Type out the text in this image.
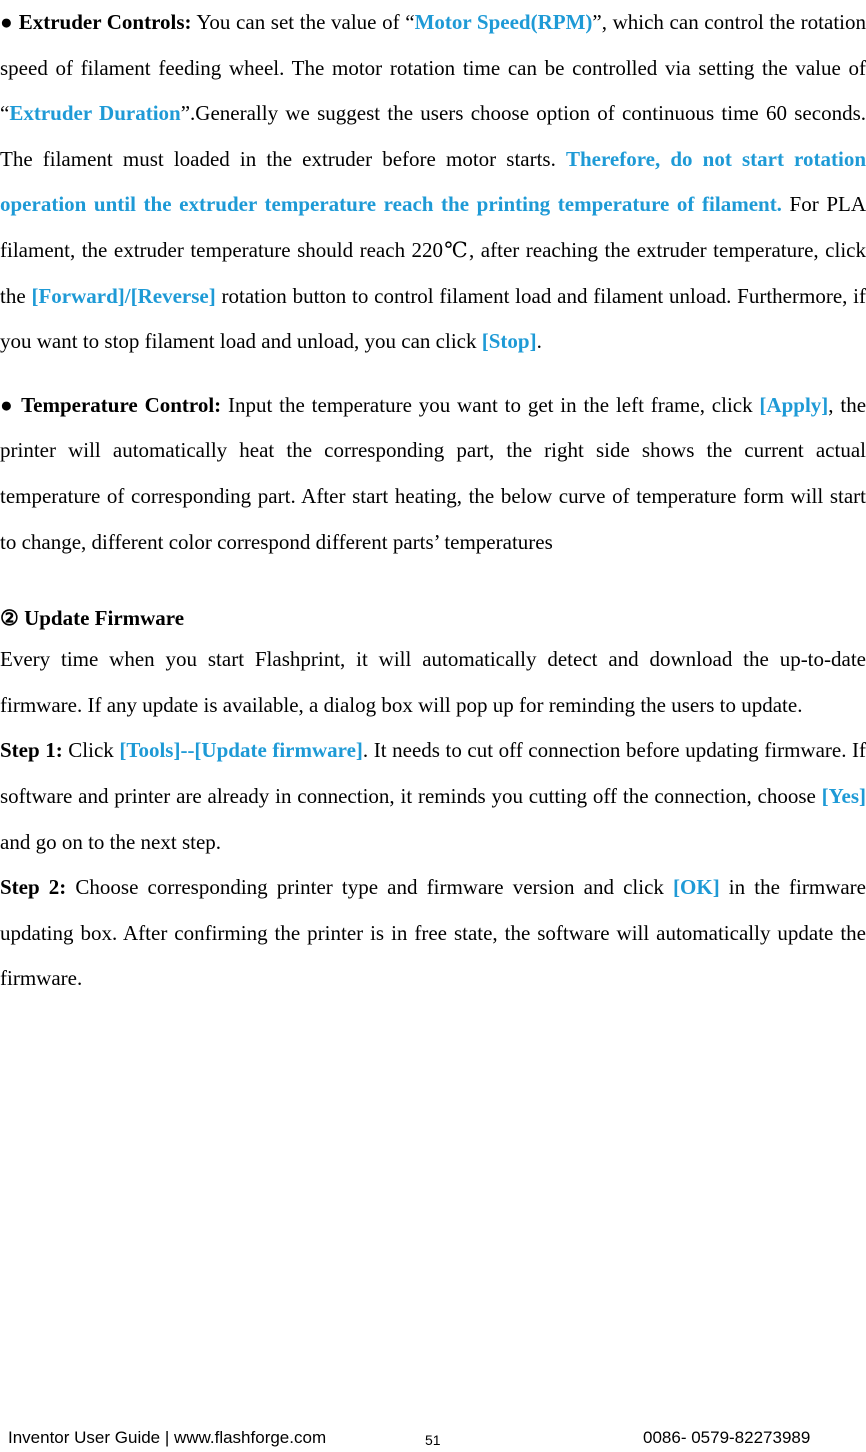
● Extruder Controls: You can set the value of “Motor Speed(RPM)”, which can control the rotation speed of filament feeding wheel. The motor rotation time can be controlled via setting the value of “Extruder Duration”.Generally we suggest the users choose option of continuous time 60 seconds. The filament must loaded in the extruder before motor starts. Therefore, do not start rotation operation until the extruder temperature reach the printing temperature of filament. For PLA filament, the extruder temperature should reach 220℃, after reaching the extruder temperature, click the [Forward]/[Reverse] rotation button to control filament load and filament unload. Furthermore, if you want to stop filament load and unload, you can click [Stop].

● Temperature Control: Input the temperature you want to get in the left frame, click [Apply], the printer will automatically heat the corresponding part, the right side shows the current actual temperature of corresponding part. After start heating, the below curve of temperature form will start to change, different color correspond different parts’ temperatures

② Update Firmware

Every time when you start Flashprint, it will automatically detect and download the up-to-date firmware. If any update is available, a dialog box will pop up for reminding the users to update.

Step 1: Click [Tools]--[Update firmware]. It needs to cut off connection before updating firmware. If software and printer are already in connection, it reminds you cutting off the connection, choose [Yes] and go on to the next step.

Step 2: Choose corresponding printer type and firmware version and click [OK] in the firmware updating box. After confirming the printer is in free state, the software will automatically update the firmware.

Inventor User Guide | www.flashforge.com	51	0086- 0579-82273989
